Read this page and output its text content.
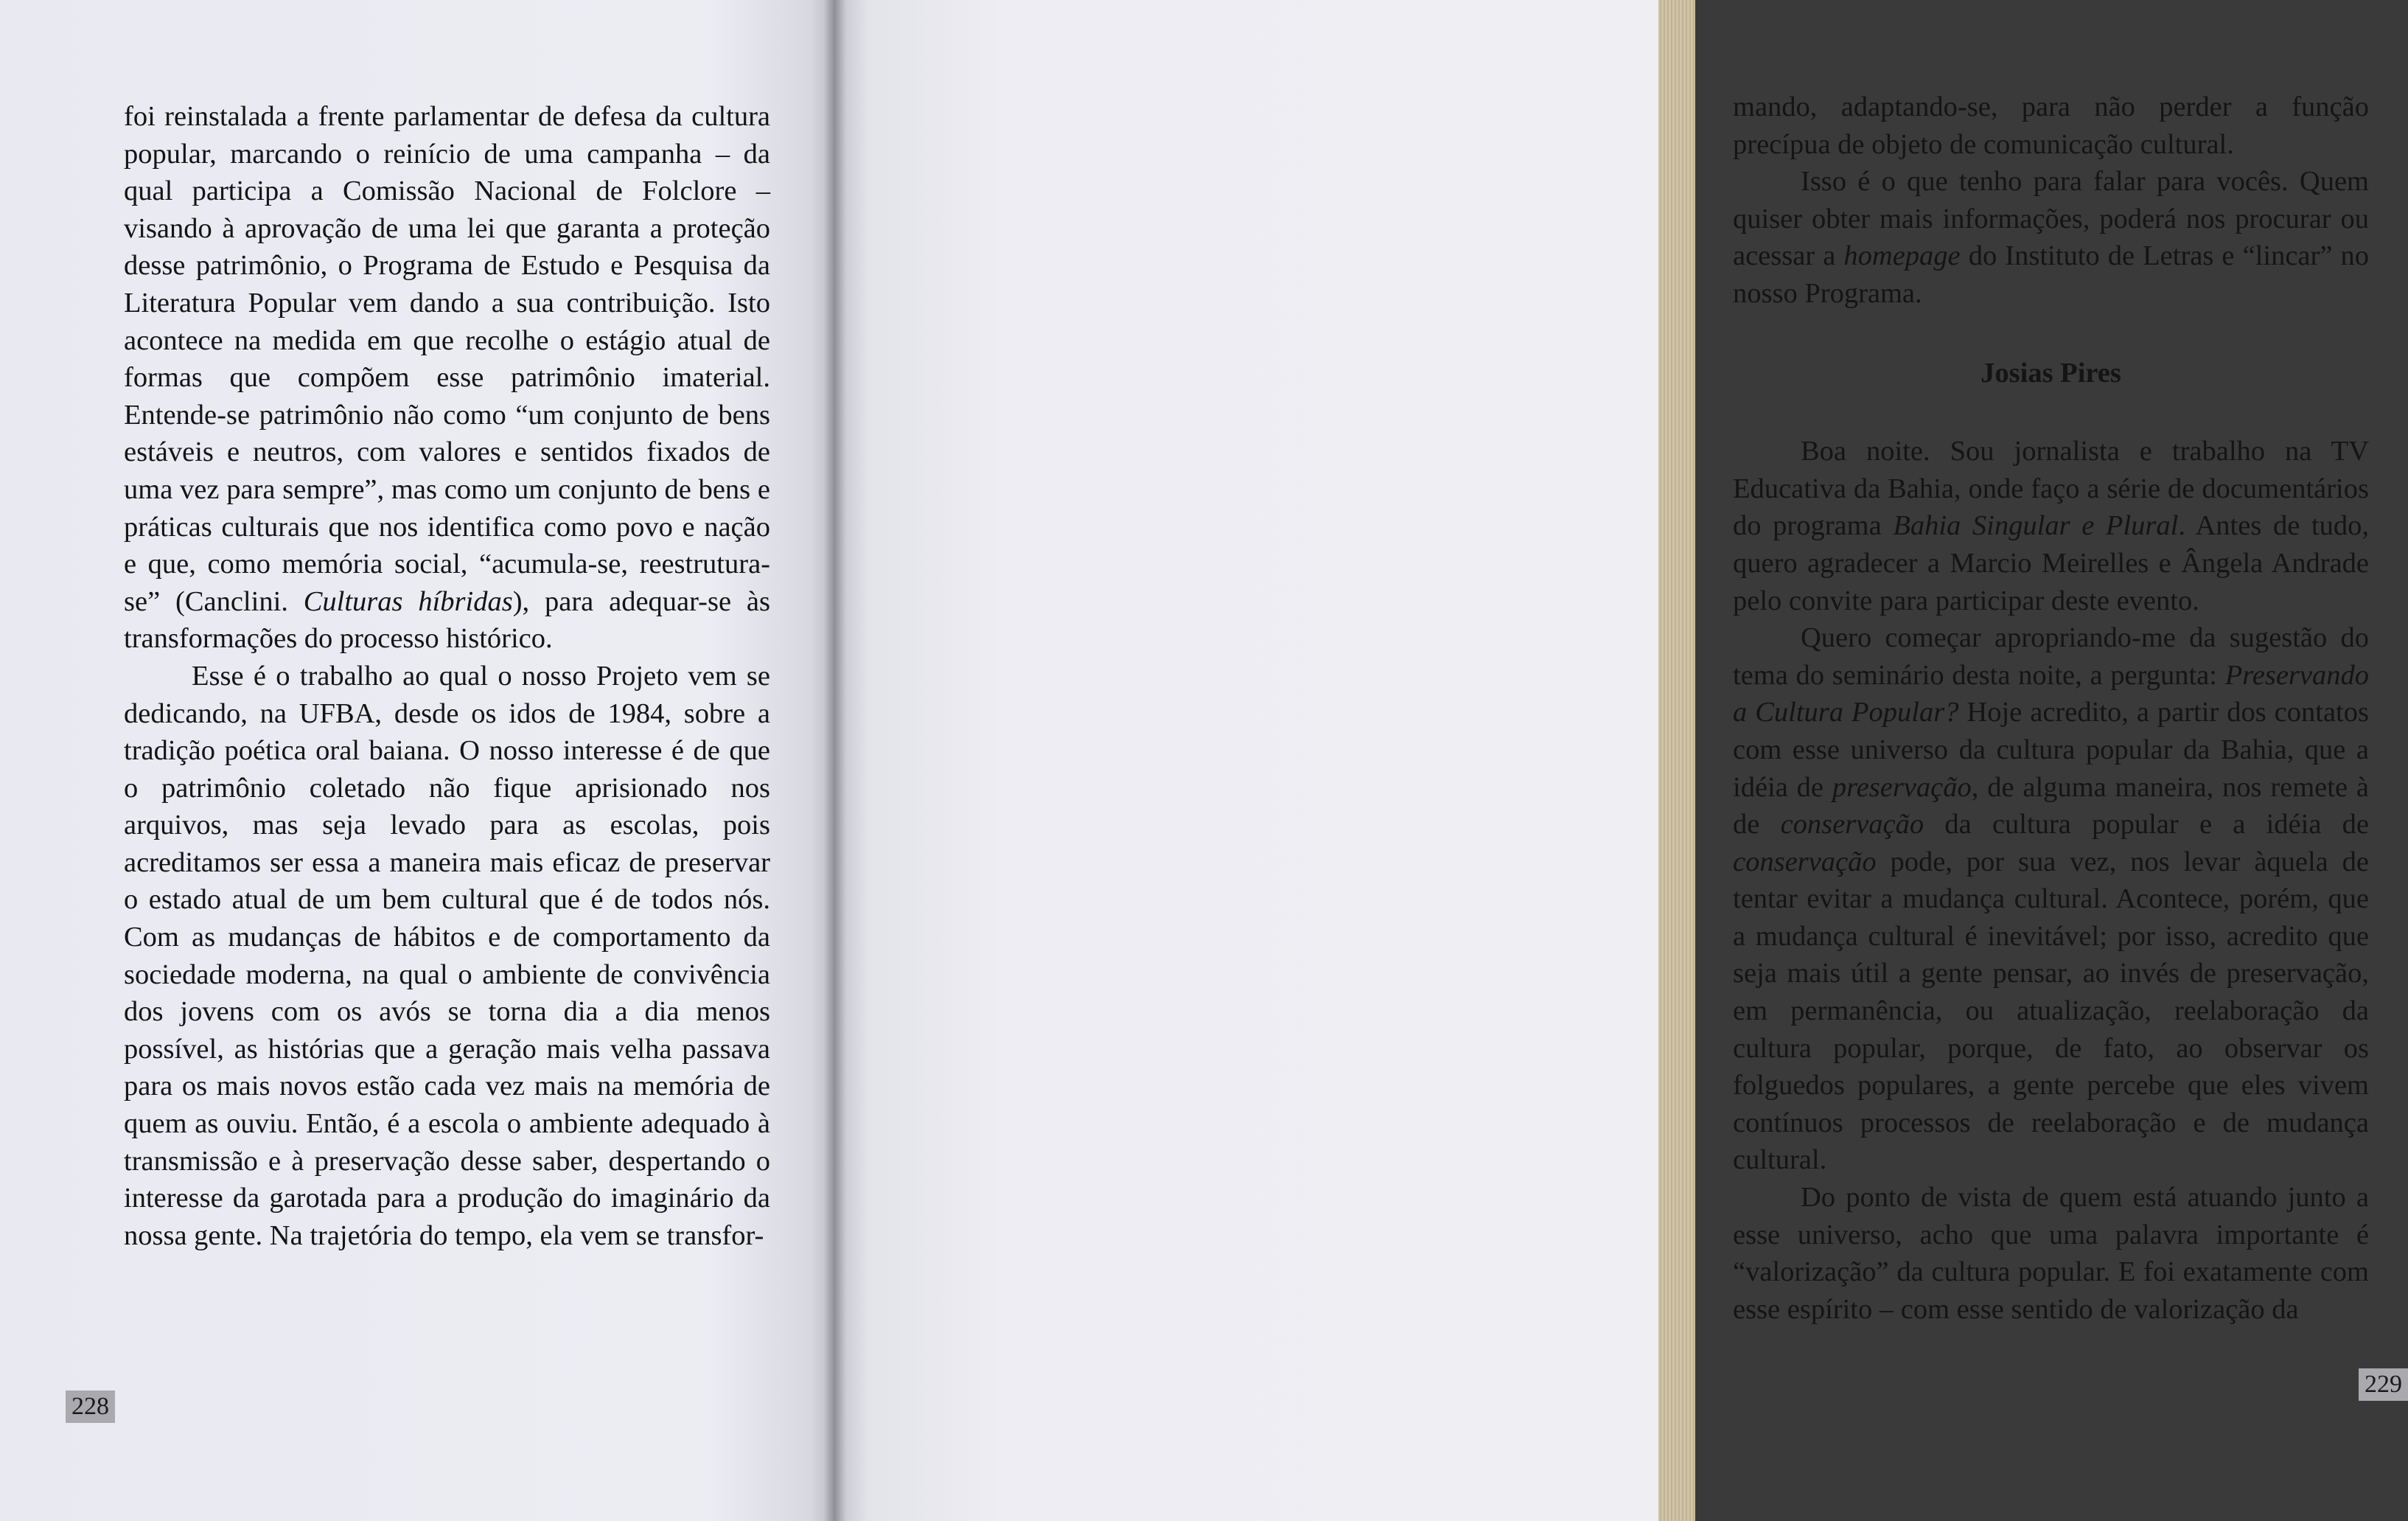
foi reinstalada a frente parlamentar de defesa da cultura popular, marcando o reinício de uma campanha – da qual participa a Comissão Nacional de Folclore – visando à aprovação de uma lei que garanta a proteção desse patrimônio, o Programa de Estudo e Pesquisa da Literatura Popular vem dando a sua contribuição. Isto acontece na medida em que recolhe o estágio atual de formas que compõem esse patrimônio imaterial. Entende-se patrimônio não como “um conjunto de bens estáveis e neutros, com valores e sentidos fixados de uma vez para sempre”, mas como um conjunto de bens e práticas culturais que nos identifica como povo e nação e que, como memória social, “acumula-se, reestrutura-se” (Canclini. Culturas híbridas), para adequar-se às transformações do processo histórico.

Esse é o trabalho ao qual o nosso Projeto vem se dedicando, na UFBA, desde os idos de 1984, sobre a tradição poética oral baiana. O nosso interesse é de que o patrimônio coletado não fique aprisionado nos arquivos, mas seja levado para as escolas, pois acreditamos ser essa a maneira mais eficaz de preservar o estado atual de um bem cultural que é de todos nós. Com as mudanças de hábitos e de comportamento da sociedade moderna, na qual o ambiente de convivência dos jovens com os avós se torna dia a dia menos possível, as histórias que a geração mais velha passava para os mais novos estão cada vez mais na memória de quem as ouviu. Então, é a escola o ambiente adequado à transmissão e à preservação desse saber, despertando o interesse da garotada para a produção do imaginário da nossa gente. Na trajetória do tempo, ela vem se transfor-

228

mando, adaptando-se, para não perder a função precípua de objeto de comunicação cultural.

Isso é o que tenho para falar para vocês. Quem quiser obter mais informações, poderá nos procurar ou acessar a homepage do Instituto de Letras e “lincar” no nosso Programa.

Josias Pires

Boa noite. Sou jornalista e trabalho na TV Educativa da Bahia, onde faço a série de documentários do programa Bahia Singular e Plural. Antes de tudo, quero agradecer a Marcio Meirelles e Ângela Andrade pelo convite para participar deste evento.

Quero começar apropriando-me da sugestão do tema do seminário desta noite, a pergunta: Preservando a Cultura Popular? Hoje acredito, a partir dos contatos com esse universo da cultura popular da Bahia, que a idéia de preservação, de alguma maneira, nos remete à de conservação da cultura popular e a idéia de conservação pode, por sua vez, nos levar àquela de tentar evitar a mudança cultural. Acontece, porém, que a mudança cultural é inevitável; por isso, acredito que seja mais útil a gente pensar, ao invés de preservação, em permanência, ou atualização, reelaboração da cultura popular, porque, de fato, ao observar os folguedos populares, a gente percebe que eles vivem contínuos processos de reelaboração e de mudança cultural.

Do ponto de vista de quem está atuando junto a esse universo, acho que uma palavra importante é “valorização” da cultura popular. E foi exatamente com esse espírito – com esse sentido de valorização da

229
